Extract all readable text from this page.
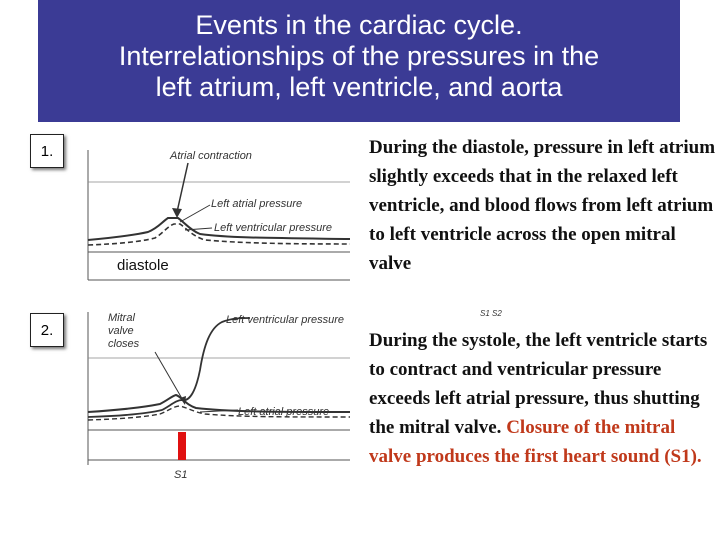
Events in the cardiac cycle.
Interrelationships of the pressures in the
left atrium, left ventricle, and aorta
Atrial contraction
Left atrial pressure
Left ventricular pressure
Mitral
valve
closes
Left ventricular pressure
Left atrial pressure
S1
S1 S2
1.
2.
diastole
During the diastole, pressure in left atrium slightly exceeds that in the relaxed left ventricle, and blood flows from left atrium to left ventricle across the open mitral valve
During the systole, the left ventricle starts to contract and ventricular pressure exceeds left atrial pressure, thus shutting the mitral valve. Closure of the mitral valve produces the first heart sound (S1).
